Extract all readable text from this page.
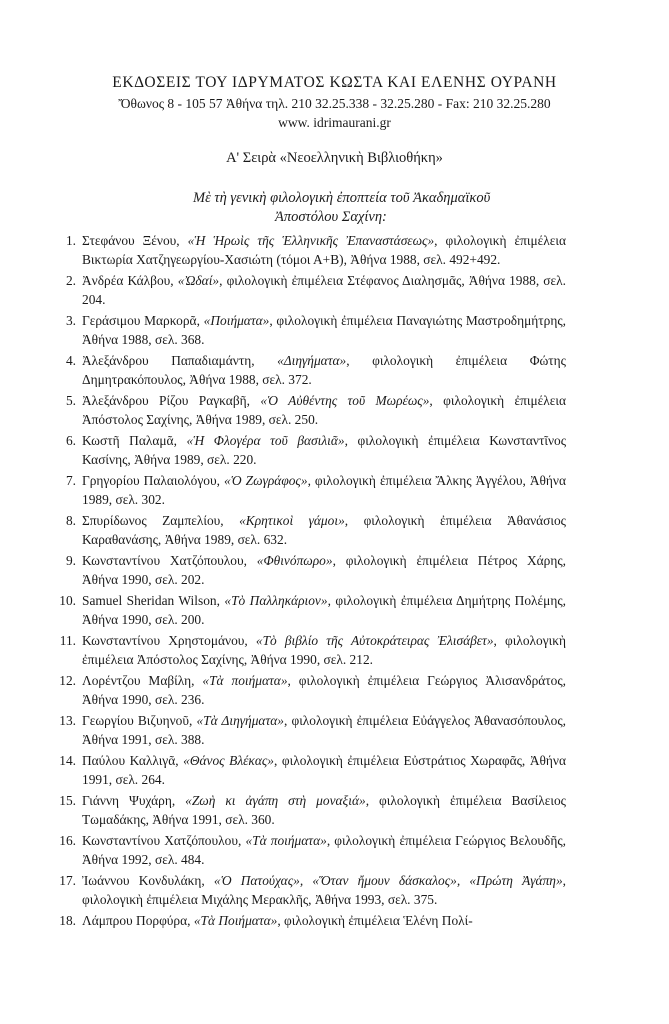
ΕΚΔΟΣΕΙΣ ΤΟΥ ΙΔΡΥΜΑΤΟΣ ΚΩΣΤΑ ΚΑΙ ΕΛΕΝΗΣ ΟΥΡΑΝΗ
Ὄθωνος 8 - 105 57 Ἀθήνα τηλ. 210 32.25.338 - 32.25.280 - Fax: 210 32.25.280
www. idrimaurani.gr
Α' Σειρὰ «Νεοελληνικὴ Βιβλιοθήκη»
Μὲ τὴ γενικὴ φιλολογικὴ ἐποπτεία τοῦ Ἀκαδημαϊκοῦ
Ἀποστόλου Σαχίνη:
1. Στεφάνου Ξένου, «Ἡ Ἡρωὶς τῆς Ἑλληνικῆς Ἐπαναστάσεως», φιλολογικὴ ἐπιμέλεια Βικτωρία Χατζηγεωργίου-Χασιώτη (τόμοι Α+Β), Ἀθήνα 1988, σελ. 492+492.
2. Ἀνδρέα Κάλβου, «Ὠδαί», φιλολογικὴ ἐπιμέλεια Στέφανος Διαλησμᾶς, Ἀθήνα 1988, σελ. 204.
3. Γεράσιμου Μαρκορᾶ, «Ποιήματα», φιλολογικὴ ἐπιμέλεια Παναγιώτης Μαστροδημήτρης, Ἀθήνα 1988, σελ. 368.
4. Ἀλεξάνδρου Παπαδιαμάντη, «Διηγήματα», φιλολογικὴ ἐπιμέλεια Φώτης Δημητρακόπουλος, Ἀθήνα 1988, σελ. 372.
5. Ἀλεξάνδρου Ρίζου Ραγκαβῆ, «Ὁ Αὐθέντης τοῦ Μωρέως», φιλολογικὴ ἐπιμέλεια Ἀπόστολος Σαχίνης, Ἀθήνα 1989, σελ. 250.
6. Κωστῆ Παλαμᾶ, «Ἡ Φλογέρα τοῦ βασιλιᾶ», φιλολογικὴ ἐπιμέλεια Κωνσταντῖνος Κασίνης, Ἀθήνα 1989, σελ. 220.
7. Γρηγορίου Παλαιολόγου, «Ὁ Ζωγράφος», φιλολογικὴ ἐπιμέλεια Ἄλκης Ἀγγέλου, Ἀθήνα 1989, σελ. 302.
8. Σπυρίδωνος Ζαμπελίου, «Κρητικοὶ γάμοι», φιλολογικὴ ἐπιμέλεια Ἀθανάσιος Καραθανάσης, Ἀθήνα 1989, σελ. 632.
9. Κωνσταντίνου Χατζόπουλου, «Φθινόπωρο», φιλολογικὴ ἐπιμέλεια Πέτρος Χάρης, Ἀθήνα 1990, σελ. 202.
10. Samuel Sheridan Wilson, «Τὸ Παλληκάριον», φιλολογικὴ ἐπιμέλεια Δημήτρης Πολέμης, Ἀθήνα 1990, σελ. 200.
11. Κωνσταντίνου Χρηστομάνου, «Τὸ βιβλίο τῆς Αὐτοκράτειρας Ἐλισάβετ», φιλολογικὴ ἐπιμέλεια Ἀπόστολος Σαχίνης, Ἀθήνα 1990, σελ. 212.
12. Λορέντζου Μαβίλη, «Τὰ ποιήματα», φιλολογικὴ ἐπιμέλεια Γεώργιος Ἀλισανδράτος, Ἀθήνα 1990, σελ. 236.
13. Γεωργίου Βιζυηνοῦ, «Τὰ Διηγήματα», φιλολογικὴ ἐπιμέλεια Εὐάγγελος Ἀθανασόπουλος, Ἀθήνα 1991, σελ. 388.
14. Παύλου Καλλιγᾶ, «Θάνος Βλέκας», φιλολογικὴ ἐπιμέλεια Εὐστράτιος Χωραφᾶς, Ἀθήνα 1991, σελ. 264.
15. Γιάννη Ψυχάρη, «Ζωὴ κι ἀγάπη στὴ μοναξιά», φιλολογικὴ ἐπιμέλεια Βασίλειος Τωμαδάκης, Ἀθήνα 1991, σελ. 360.
16. Κωνσταντίνου Χατζόπουλου, «Τὰ ποιήματα», φιλολογικὴ ἐπιμέλεια Γεώργιος Βελουδῆς, Ἀθήνα 1992, σελ. 484.
17. Ἰωάννου Κονδυλάκη, «Ὁ Πατούχας», «Ὅταν ἤμουν δάσκαλος», «Πρώτη Ἀγάπη», φιλολογικὴ ἐπιμέλεια Μιχάλης Μερακλῆς, Ἀθήνα 1993, σελ. 375.
18. Λάμπρου Πορφύρα, «Τὰ Ποιήματα», φιλολογικὴ ἐπιμέλεια Ἑλένη Πολί-
